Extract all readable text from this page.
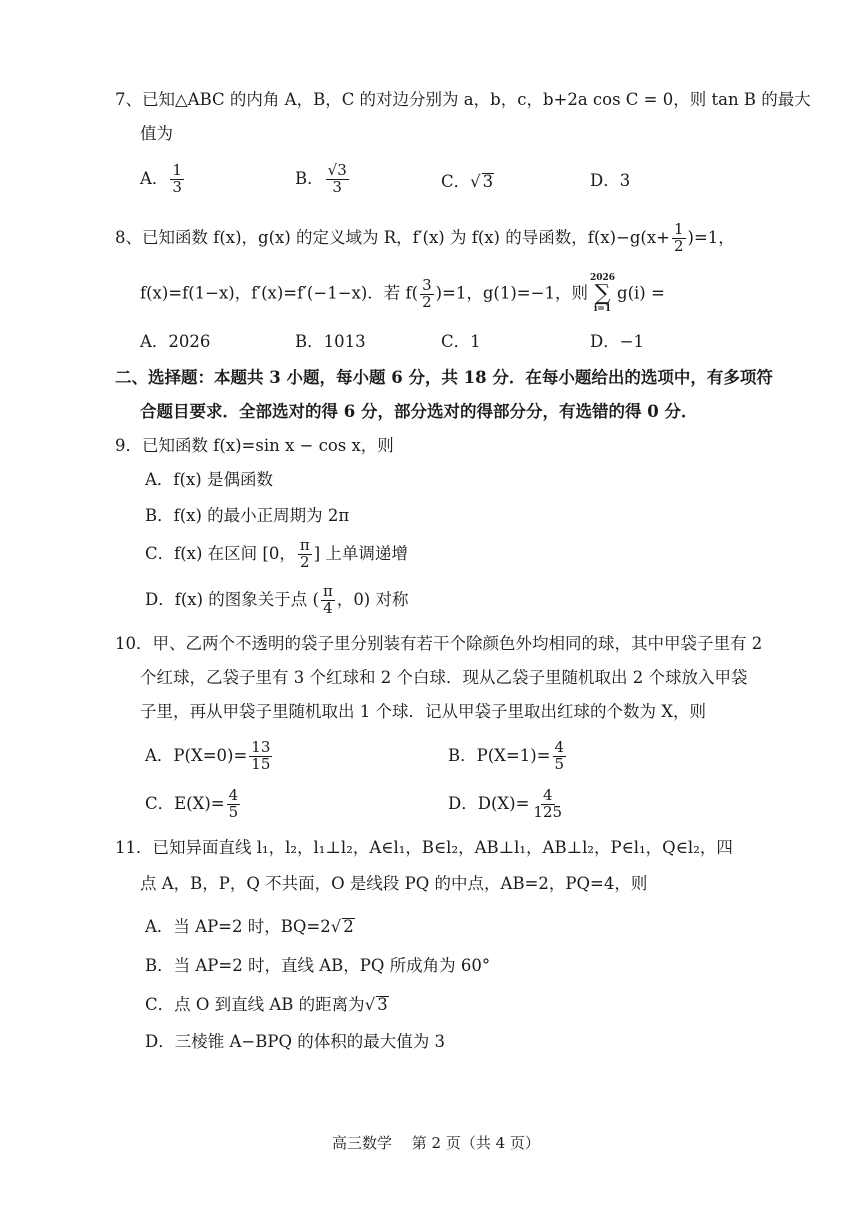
7、已知△ABC 的内角 A，B，C 的对边分别为 a，b，c，b+2a cos C = 0，则 tan B 的最大
值为
A． $\frac{1}{3}$	B． $\frac{√3}{3}$	C．√ 3	D．3
8、已知函数 f(x)，g(x) 的定义域为 R，f′(x) 为 f(x) 的导函数，$f(x)-g(x+ \frac{1}{2} )=1$，
f(x)=f(1−x)，f′(x)=f′(−1−x)．若 $f( \frac{3}{2} )=1$，g(1)=−1，则
2026
∑
i=1
g(i) =
A．2026	B．1013	C．1	D．−1
二、选择题：本题共 3 小题，每小题 6 分，共 18 分．在每小题给出的选项中，有多项符
合题目要求．全部选对的得 6 分，部分选对的得部分分，有选错的得 0 分．
9．已知函数 f(x)=sin x − cos x，则
A．f(x) 是偶函数
B．f(x) 的最小正周期为 2π
C．f(x) 在区间 [0， $\frac{\pi}{2}$ ] 上单调递增
D．f(x) 的图象关于点 ( $\frac{\pi}{4}$ ，0) 对称
10．甲、乙两个不透明的袋子里分别装有若干个除颜色外均相同的球，其中甲袋子里有 2
个红球，乙袋子里有 3 个红球和 2 个白球．现从乙袋子里随机取出 2 个球放入甲袋
子里，再从甲袋子里随机取出 1 个球．记从甲袋子里取出红球的个数为 X，则
A．$P(X=0)= \frac{13}{15}$	B．$P(X=1)= \frac{4}{5}$
C．$E(X)= \frac{4}{5}$	D．$D(X)= \frac{4}{125}$
11．已知异面直线 l₁，l₂，l₁⊥l₂，A∈l₁，B∈l₂，AB⊥l₁，AB⊥l₂，P∈l₁，Q∈l₂，四
点 A，B，P，Q 不共面，O 是线段 PQ 的中点，AB=2，PQ=4，则
A．当 AP=2 时，BQ=2√ 2
B．当 AP=2 时，直线 AB，PQ 所成角为 60°
C．点 O 到直线 AB 的距离为√ 3
D．三棱锥 A−BPQ 的体积的最大值为 3
高三数学　 第 2 页（共 4 页）
